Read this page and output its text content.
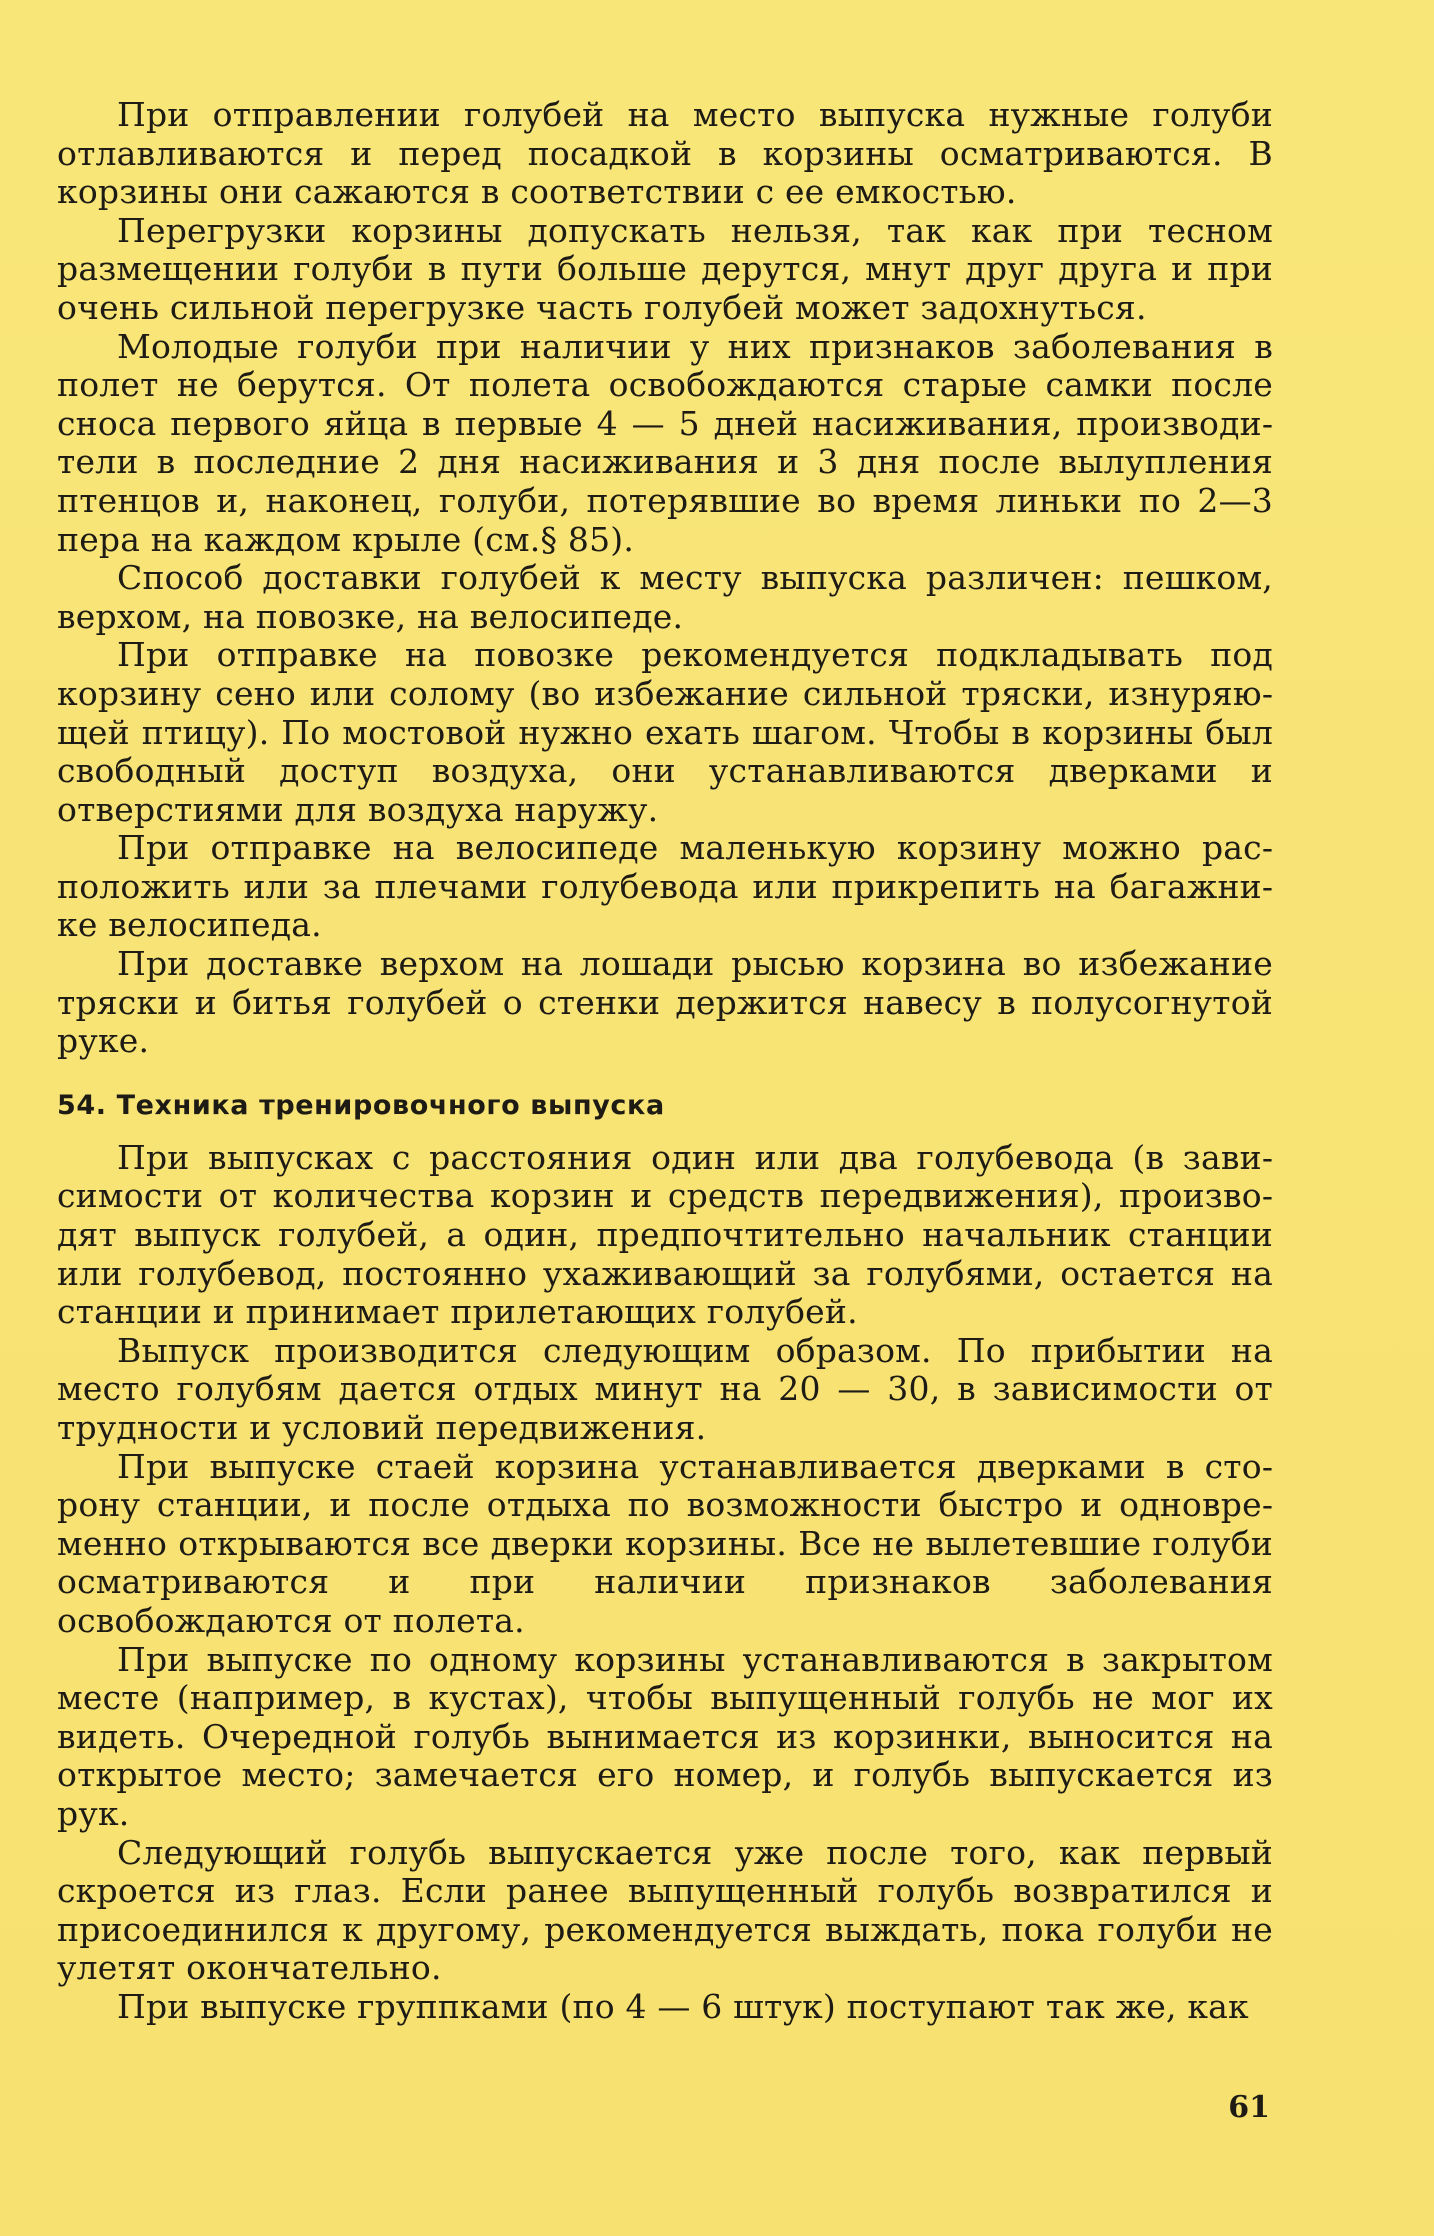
При отправлении голубей на место выпуска нужные голуби отлавливаются и перед посадкой в корзины осматриваются. В корзины они сажаются в соответствии с ее емкостью.

Перегрузки корзины допускать нельзя, так как при тесном размещении голуби в пути больше дерутся, мнут друг друга и при очень сильной перегрузке часть голубей может задохнуться.

Молодые голуби при наличии у них признаков заболевания в полет не берутся. От полета освобождаются старые самки после сноса первого яйца в первые 4 — 5 дней насиживания, производители в последние 2 дня насиживания и 3 дня после вылупления птенцов и, наконец, голуби, потерявшие во время линьки по 2—3 пера на каждом крыле (см.§ 85).

Способ доставки голубей к месту выпуска различен: пешком, верхом, на повозке, на велосипеде.

При отправке на повозке рекомендуется подкладывать под корзину сено или солому (во избежание сильной тряски, изнуряющей птицу). По мостовой нужно ехать шагом. Чтобы в корзины был свободный доступ воздуха, они устанавливаются дверками и отверстиями для воздуха наружу.

При отправке на велосипеде маленькую корзину можно расположить или за плечами голубевода или прикрепить на багажнике велосипеда.

При доставке верхом на лошади рысью корзина во избежание тряски и битья голубей о стенки держится навесу в полусогнутой руке.

54. Техника тренировочного выпуска

При выпусках с расстояния один или два голубевода (в зависимости от количества корзин и средств передвижения), производят выпуск голубей, а один, предпочтительно начальник станции или голубевод, постоянно ухаживающий за голубями, остается на станции и принимает прилетающих голубей.

Выпуск производится следующим образом. По прибытии на место голубям дается отдых минут на 20 — 30, в зависимости от трудности и условий передвижения.

При выпуске стаей корзина устанавливается дверками в сторону станции, и после отдыха по возможности быстро и одновременно открываются все дверки корзины. Все не вылетевшие голуби осматриваются и при наличии признаков заболевания освобождаются от полета.

При выпуске по одному корзины устанавливаются в закрытом месте (например, в кустах), чтобы выпущенный голубь не мог их видеть. Очередной голубь вынимается из корзинки, выносится на открытое место; замечается его номер, и голубь выпускается из рук.

Следующий голубь выпускается уже после того, как первый скроется из глаз. Если ранее выпущенный голубь возвратился и присоединился к другому, рекомендуется выждать, пока голуби не улетят окончательно.

При выпуске группками (по 4 — 6 штук) поступают так же, как

61
